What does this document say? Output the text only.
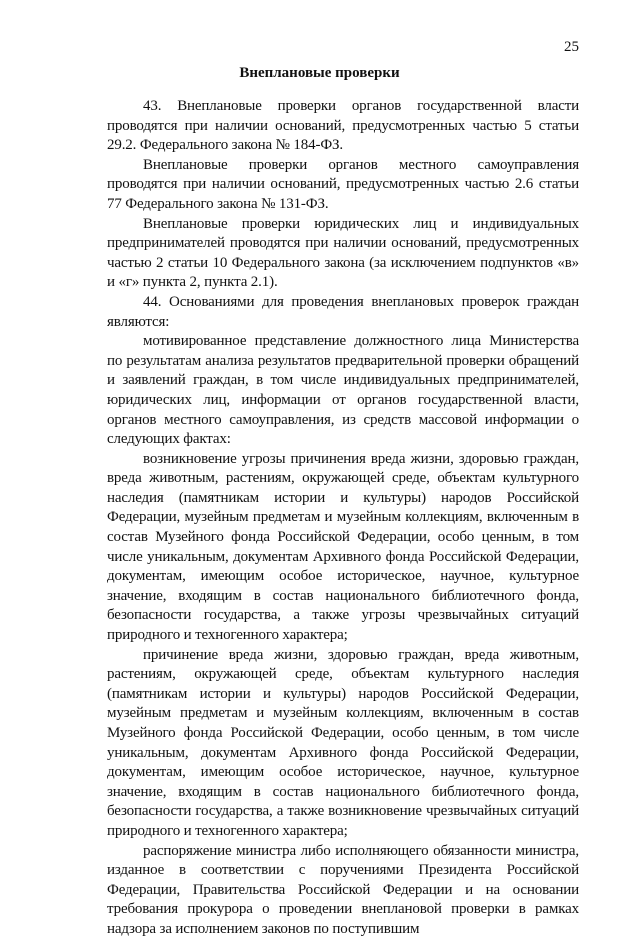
25
Внеплановые проверки

43. Внеплановые проверки органов государственной власти проводятся при наличии оснований, предусмотренных частью 5 статьи 29.2. Федерального закона № 184-ФЗ.

Внеплановые проверки органов местного самоуправления проводятся при наличии оснований, предусмотренных частью 2.6 статьи 77 Федерального закона № 131-ФЗ.

Внеплановые проверки юридических лиц и индивидуальных предпринимателей проводятся при наличии оснований, предусмотренных частью 2 статьи 10 Федерального закона (за исключением подпунктов «в» и «г» пункта 2, пункта 2.1).

44. Основаниями для проведения внеплановых проверок граждан являются:

мотивированное представление должностного лица Министерства по результатам анализа результатов предварительной проверки обращений и заявлений граждан, в том числе индивидуальных предпринимателей, юридических лиц, информации от органов государственной власти, органов местного самоуправления, из средств массовой информации о следующих фактах:

возникновение угрозы причинения вреда жизни, здоровью граждан, вреда животным, растениям, окружающей среде, объектам культурного наследия (памятникам истории и культуры) народов Российской Федерации, музейным предметам и музейным коллекциям, включенным в состав Музейного фонда Российской Федерации, особо ценным, в том числе уникальным, документам Архивного фонда Российской Федерации, документам, имеющим особое историческое, научное, культурное значение, входящим в состав национального библиотечного фонда, безопасности государства, а также угрозы чрезвычайных ситуаций природного и техногенного характера;

причинение вреда жизни, здоровью граждан, вреда животным, растениям, окружающей среде, объектам культурного наследия (памятникам истории и культуры) народов Российской Федерации, музейным предметам и музейным коллекциям, включенным в состав Музейного фонда Российской Федерации, особо ценным, в том числе уникальным, документам Архивного фонда Российской Федерации, документам, имеющим особое историческое, научное, культурное значение, входящим в состав национального библиотечного фонда, безопасности государства, а также возникновение чрезвычайных ситуаций природного и техногенного характера;

распоряжение министра либо исполняющего обязанности министра, изданное в соответствии с поручениями Президента Российской Федерации, Правительства Российской Федерации и на основании требования прокурора о проведении внеплановой проверки в рамках надзора за исполнением законов по поступившим
